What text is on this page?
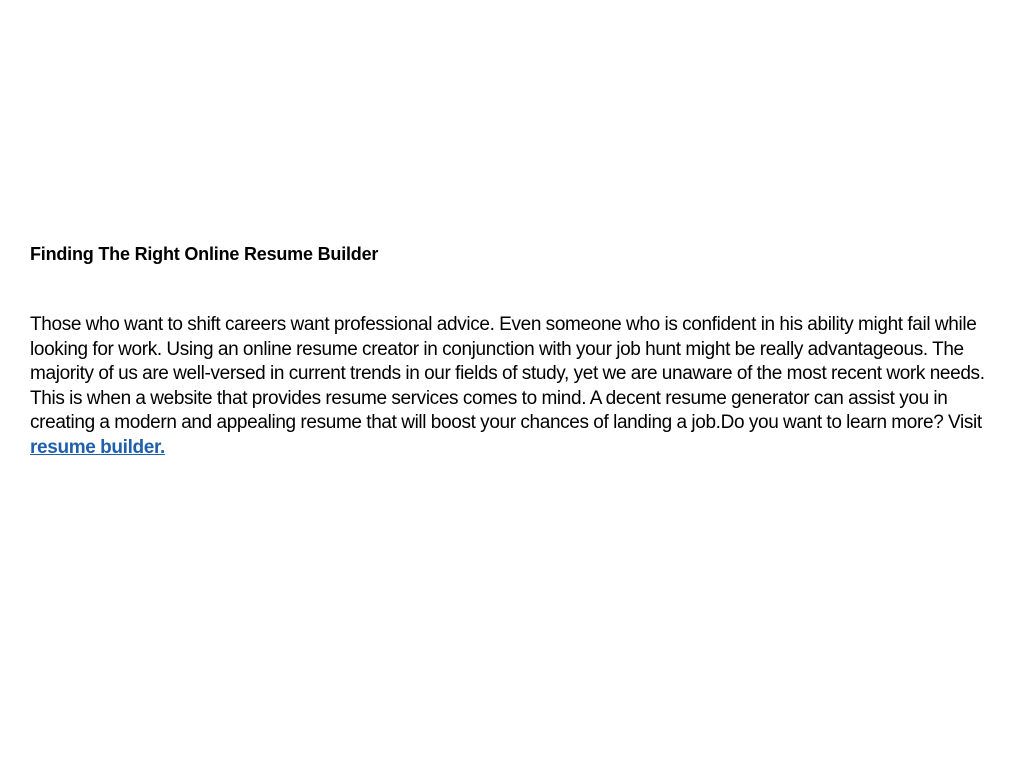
Finding The Right Online Resume Builder

Those who want to shift careers want professional advice. Even someone who is confident in his ability might fail while looking for work. Using an online resume creator in conjunction with your job hunt might be really advantageous. The majority of us are well-versed in current trends in our fields of study, yet we are unaware of the most recent work needs. This is when a website that provides resume services comes to mind. A decent resume generator can assist you in creating a modern and appealing resume that will boost your chances of landing a job.Do you want to learn more? Visit resume builder.
